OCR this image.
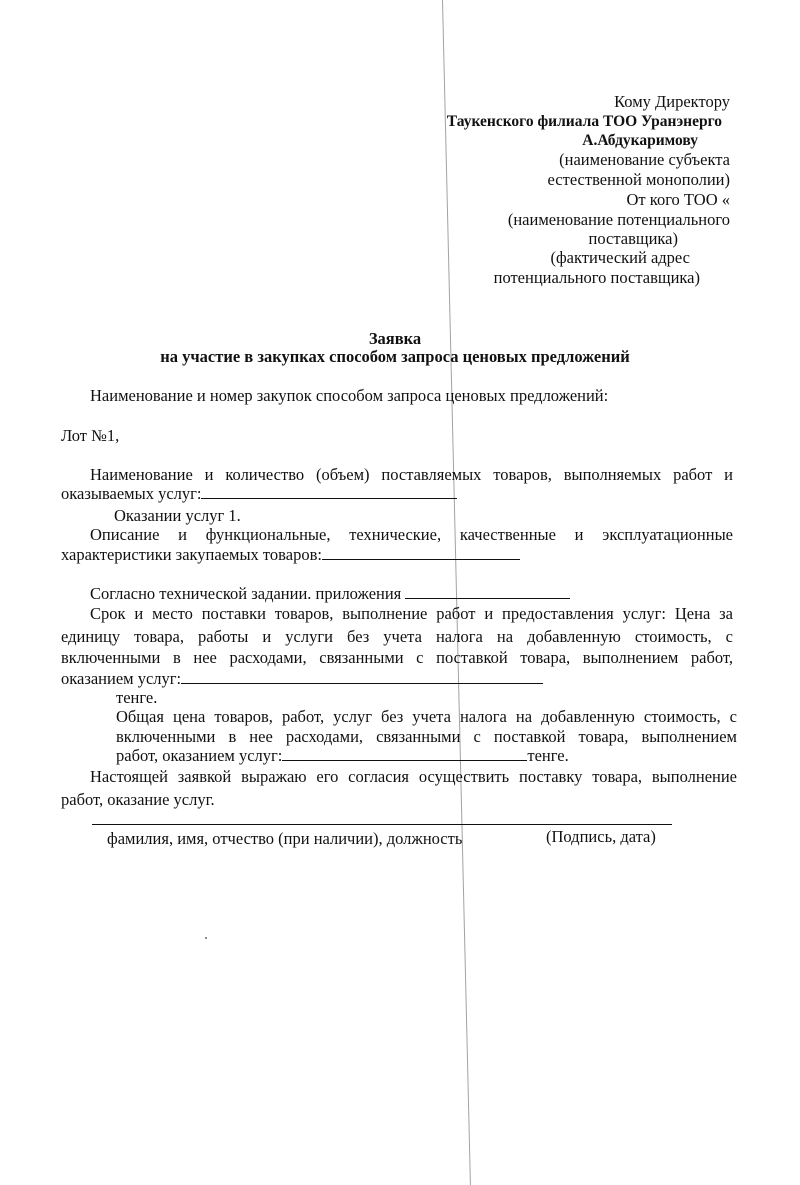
Кому Директору
Таукенского филиала ТОО Уранэнерго
А.Абдукаримову
(наименование субъекта
естественной монополии)
От кого ТОО «
(наименование потенциального
поставщика)
(фактический адрес
потенциального поставщика)
Заявка
на участие в закупках способом запроса ценовых предложений
Наименование и номер закупок способом запроса ценовых предложений:
Лот №1,
Наименование и количество (объем) поставляемых товаров, выполняемых работ и
оказываемых услуг:
Оказании услуг 1.
Описание и функциональные, технические, качественные и эксплуатационные
характеристики закупаемых товаров:
Согласно технической задании. приложения
Срок и место поставки товаров, выполнение работ и предоставления услуг: Цена за
единицу товара, работы и услуги без учета налога на добавленную стоимость, с
включенными в нее расходами, связанными с поставкой товара, выполнением работ,
оказанием услуг:
тенге.
Общая цена товаров, работ, услуг без учета налога на добавленную стоимость, с
включенными в нее расходами, связанными с поставкой товара, выполнением
работ, оказанием услуг:	тенге.
Настоящей заявкой выражаю его согласия осуществить поставку товара, выполнение
работ, оказание услуг.
фамилия, имя, отчество (при наличии), должность	(Подпись, дата)
